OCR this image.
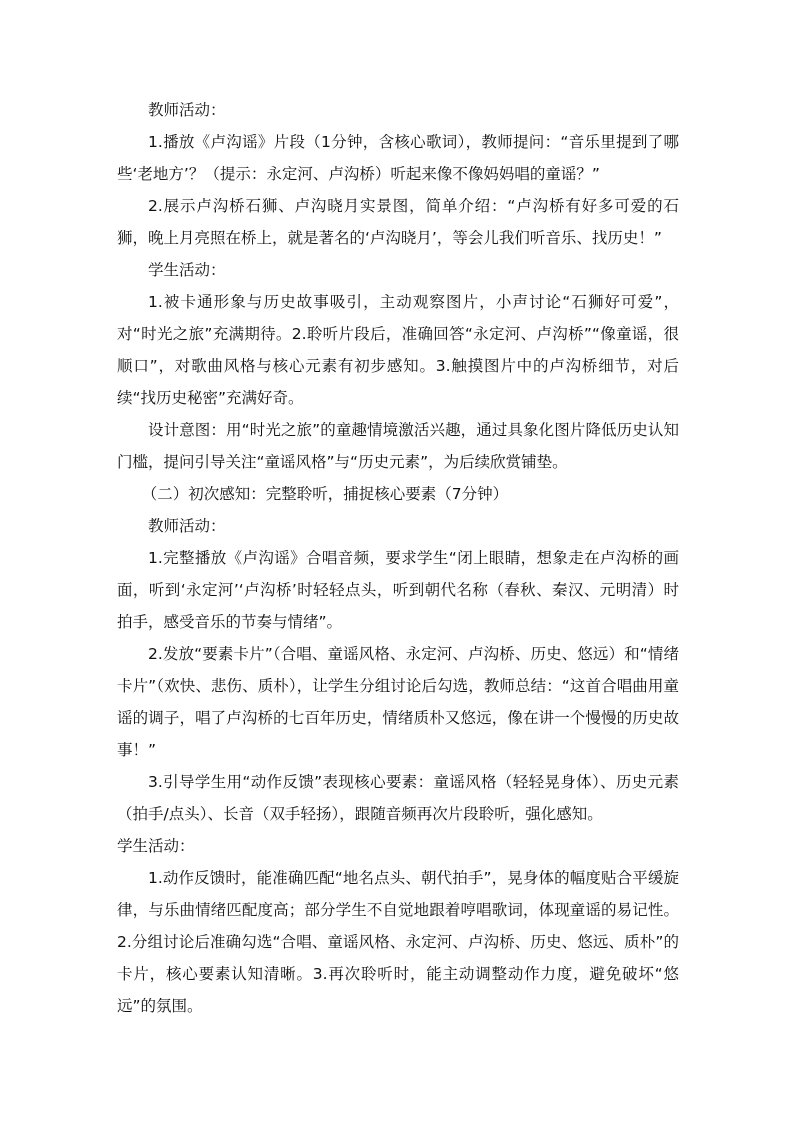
教师活动：

1.播放《卢沟谣》片段（1分钟，含核心歌词），教师提问：“音乐里提到了哪些‘老地方’？（提示：永定河、卢沟桥）听起来像不像妈妈唱的童谣？”

2.展示卢沟桥石狮、卢沟晓月实景图，简单介绍：“卢沟桥有好多可爱的石狮，晚上月亮照在桥上，就是著名的‘卢沟晓月’，等会儿我们听音乐、找历史！”

学生活动：

1.被卡通形象与历史故事吸引，主动观察图片，小声讨论“石狮好可爱”，对“时光之旅”充满期待。2.聆听片段后，准确回答“永定河、卢沟桥”“像童谣，很顺口”，对歌曲风格与核心元素有初步感知。3.触摸图片中的卢沟桥细节，对后续“找历史秘密”充满好奇。

设计意图：用“时光之旅”的童趣情境激活兴趣，通过具象化图片降低历史认知门槛，提问引导关注“童谣风格”与“历史元素”，为后续欣赏铺垫。

（二）初次感知：完整聆听，捕捉核心要素（7分钟）

教师活动：

1.完整播放《卢沟谣》合唱音频，要求学生“闭上眼睛，想象走在卢沟桥的画面，听到‘永定河’‘卢沟桥’时轻轻点头，听到朝代名称（春秋、秦汉、元明清）时拍手，感受音乐的节奏与情绪”。

2.发放“要素卡片”（合唱、童谣风格、永定河、卢沟桥、历史、悠远）和“情绪卡片”（欢快、悲伤、质朴），让学生分组讨论后勾选，教师总结：“这首合唱曲用童谣的调子，唱了卢沟桥的七百年历史，情绪质朴又悠远，像在讲一个慢慢的历史故事！”

3.引导学生用“动作反馈”表现核心要素：童谣风格（轻轻晃身体）、历史元素（拍手/点头）、长音（双手轻扬），跟随音频再次片段聆听，强化感知。

学生活动：

1.动作反馈时，能准确匹配“地名点头、朝代拍手”，晃身体的幅度贴合平缓旋律，与乐曲情绪匹配度高；部分学生不自觉地跟着哼唱歌词，体现童谣的易记性。2.分组讨论后准确勾选“合唱、童谣风格、永定河、卢沟桥、历史、悠远、质朴”的卡片，核心要素认知清晰。3.再次聆听时，能主动调整动作力度，避免破坏“悠远”的氛围。
